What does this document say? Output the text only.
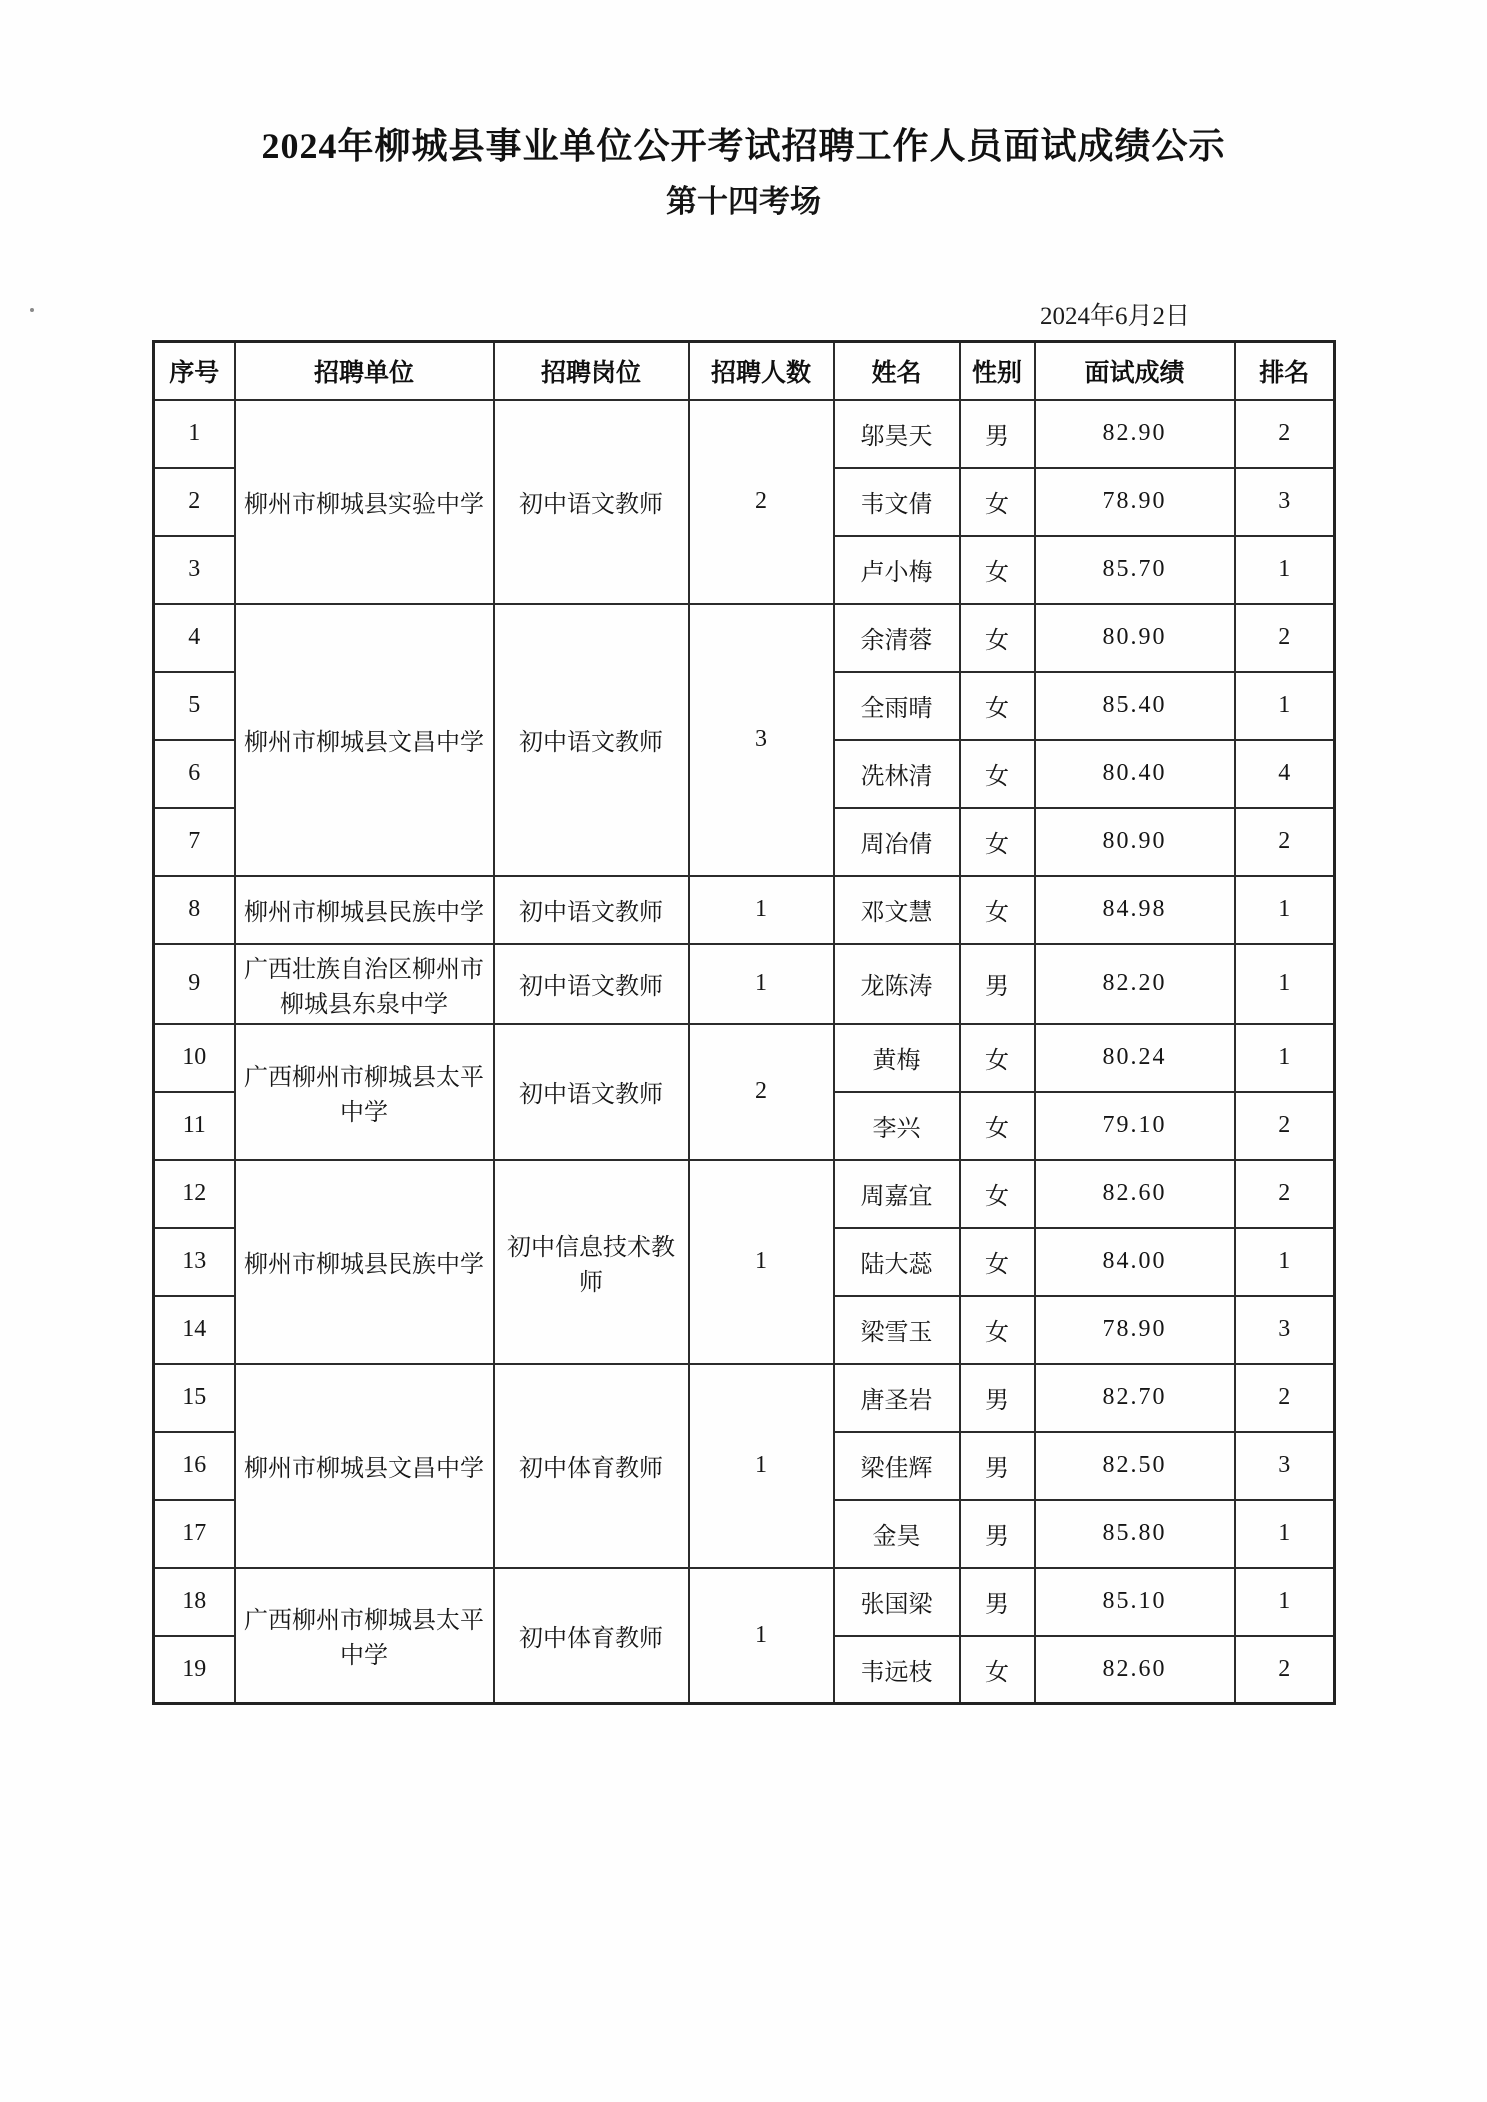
2024年柳城县事业单位公开考试招聘工作人员面试成绩公示
第十四考场
2024年6月2日
序号	招聘单位	招聘岗位	招聘人数	姓名	性别	面试成绩	排名
1	柳州市柳城县实验中学	初中语文教师	2	邬昊天	男	82.90	2
2				韦文倩	女	78.90	3
3				卢小梅	女	85.70	1
4	柳州市柳城县文昌中学	初中语文教师	3	余清蓉	女	80.90	2
5				全雨晴	女	85.40	1
6				冼林清	女	80.40	4
7				周冶倩	女	80.90	2
8	柳州市柳城县民族中学	初中语文教师	1	邓文慧	女	84.98	1
9	广西壮族自治区柳州市柳城县东泉中学	初中语文教师	1	龙陈涛	男	82.20	1
10	广西柳州市柳城县太平中学	初中语文教师	2	黄梅	女	80.24	1
11				李兴	女	79.10	2
12	柳州市柳城县民族中学	初中信息技术教师	1	周嘉宜	女	82.60	2
13				陆大蕊	女	84.00	1
14				梁雪玉	女	78.90	3
15	柳州市柳城县文昌中学	初中体育教师	1	唐圣岩	男	82.70	2
16				梁佳辉	男	82.50	3
17				金昊	男	85.80	1
18	广西柳州市柳城县太平中学	初中体育教师	1	张国梁	男	85.10	1
19				韦远枝	女	82.60	2
